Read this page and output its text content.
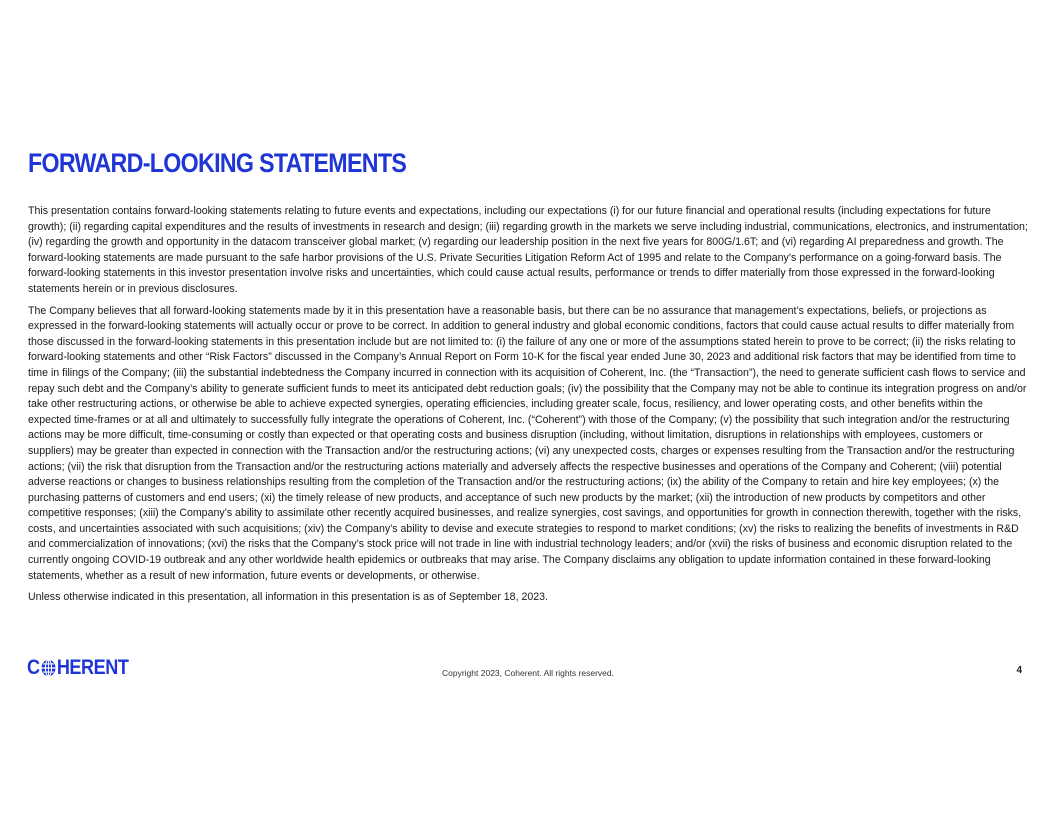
FORWARD-LOOKING STATEMENTS

This presentation contains forward-looking statements relating to future events and expectations, including our expectations (i) for our future financial and operational results (including expectations for future growth); (ii) regarding capital expenditures and the results of investments in research and design; (iii) regarding growth in the markets we serve including industrial, communications, electronics, and instrumentation; (iv) regarding the growth and opportunity in the datacom transceiver global market; (v) regarding our leadership position in the next five years for 800G/1.6T; and (vi) regarding AI preparedness and growth. The forward-looking statements are made pursuant to the safe harbor provisions of the U.S. Private Securities Litigation Reform Act of 1995 and relate to the Company’s performance on a going-forward basis. The forward-looking statements in this investor presentation involve risks and uncertainties, which could cause actual results, performance or trends to differ materially from those expressed in the forward-looking statements herein or in previous disclosures.

The Company believes that all forward-looking statements made by it in this presentation have a reasonable basis, but there can be no assurance that management’s expectations, beliefs, or projections as expressed in the forward-looking statements will actually occur or prove to be correct. In addition to general industry and global economic conditions, factors that could cause actual results to differ materially from those discussed in the forward-looking statements in this presentation include but are not limited to: (i) the failure of any one or more of the assumptions stated herein to prove to be correct; (ii) the risks relating to forward-looking statements and other “Risk Factors” discussed in the Company’s Annual Report on Form 10-K for the fiscal year ended June 30, 2023 and additional risk factors that may be identified from time to time in filings of the Company; (iii) the substantial indebtedness the Company incurred in connection with its acquisition of Coherent, Inc. (the “Transaction”), the need to generate sufficient cash flows to service and repay such debt and the Company’s ability to generate sufficient funds to meet its anticipated debt reduction goals; (iv) the possibility that the Company may not be able to continue its integration progress on and/or take other restructuring actions, or otherwise be able to achieve expected synergies, operating efficiencies, including greater scale, focus, resiliency, and lower operating costs, and other benefits within the expected time-frames or at all and ultimately to successfully fully integrate the operations of Coherent, Inc. (“Coherent”) with those of the Company; (v) the possibility that such integration and/or the restructuring actions may be more difficult, time-consuming or costly than expected or that operating costs and business disruption (including, without limitation, disruptions in relationships with employees, customers or suppliers) may be greater than expected in connection with the Transaction and/or the restructuring actions; (vi) any unexpected costs, charges or expenses resulting from the Transaction and/or the restructuring actions; (vii) the risk that disruption from the Transaction and/or the restructuring actions materially and adversely affects the respective businesses and operations of the Company and Coherent; (viii) potential adverse reactions or changes to business relationships resulting from the completion of the Transaction and/or the restructuring actions; (ix) the ability of the Company to retain and hire key employees; (x) the purchasing patterns of customers and end users; (xi) the timely release of new products, and acceptance of such new products by the market; (xii) the introduction of new products by competitors and other competitive responses; (xiii) the Company’s ability to assimilate other recently acquired businesses, and realize synergies, cost savings, and opportunities for growth in connection therewith, together with the risks, costs, and uncertainties associated with such acquisitions; (xiv) the Company’s ability to devise and execute strategies to respond to market conditions; (xv) the risks to realizing the benefits of investments in R&D and commercialization of innovations; (xvi) the risks that the Company’s stock price will not trade in line with industrial technology leaders; and/or (xvii) the risks of business and economic disruption related to the currently ongoing COVID-19 outbreak and any other worldwide health epidemics or outbreaks that may arise. The Company disclaims any obligation to update information contained in these forward-looking statements, whether as a result of new information, future events or developments, or otherwise.

Unless otherwise indicated in this presentation, all information in this presentation is as of September 18, 2023.

C HERENT	Copyright 2023, Coherent. All rights reserved.	4
